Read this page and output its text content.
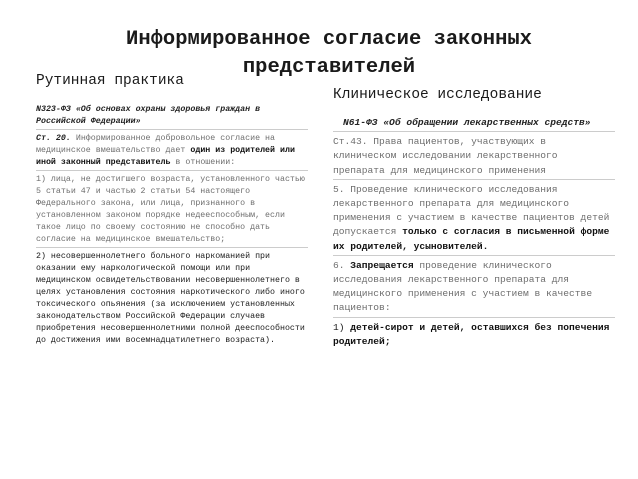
Информированное согласие законных представителей
Рутинная практика
Клиническое исследование
N323-ФЗ «Об основах охраны здоровья граждан в Российской Федерации»
Ст. 20. Информированное добровольное согласие на медицинское вмешательство дает один из родителей или иной законный представитель в отношении:
1) лица, не достигшего возраста, установленного частью 5 статьи 47 и частью 2 статьи 54 настоящего Федерального закона, или лица, признанного в установленном законом порядке недееспособным, если такое лицо по своему состоянию не способно дать согласие на медицинское вмешательство;
2) несовершеннолетнего больного наркоманией при оказании ему наркологической помощи или при медицинском освидетельствовании несовершеннолетнего в целях установления состояния наркотического либо иного токсического опьянения (за исключением установленных законодательством Российской Федерации случаев приобретения несовершеннолетними полной дееспособности до достижения ими восемнадцатилетнего возраста).
N61-ФЗ «Об обращении лекарственных средств»
Ст.43. Права пациентов, участвующих в клиническом исследовании лекарственного препарата для медицинского применения
5. Проведение клинического исследования лекарственного препарата для медицинского применения с участием в качестве пациентов детей допускается только с согласия в письменной форме их родителей, усыновителей.
6. Запрещается проведение клинического исследования лекарственного препарата для медицинского применения с участием в качестве пациентов:
1) детей-сирот и детей, оставшихся без попечения родителей;
